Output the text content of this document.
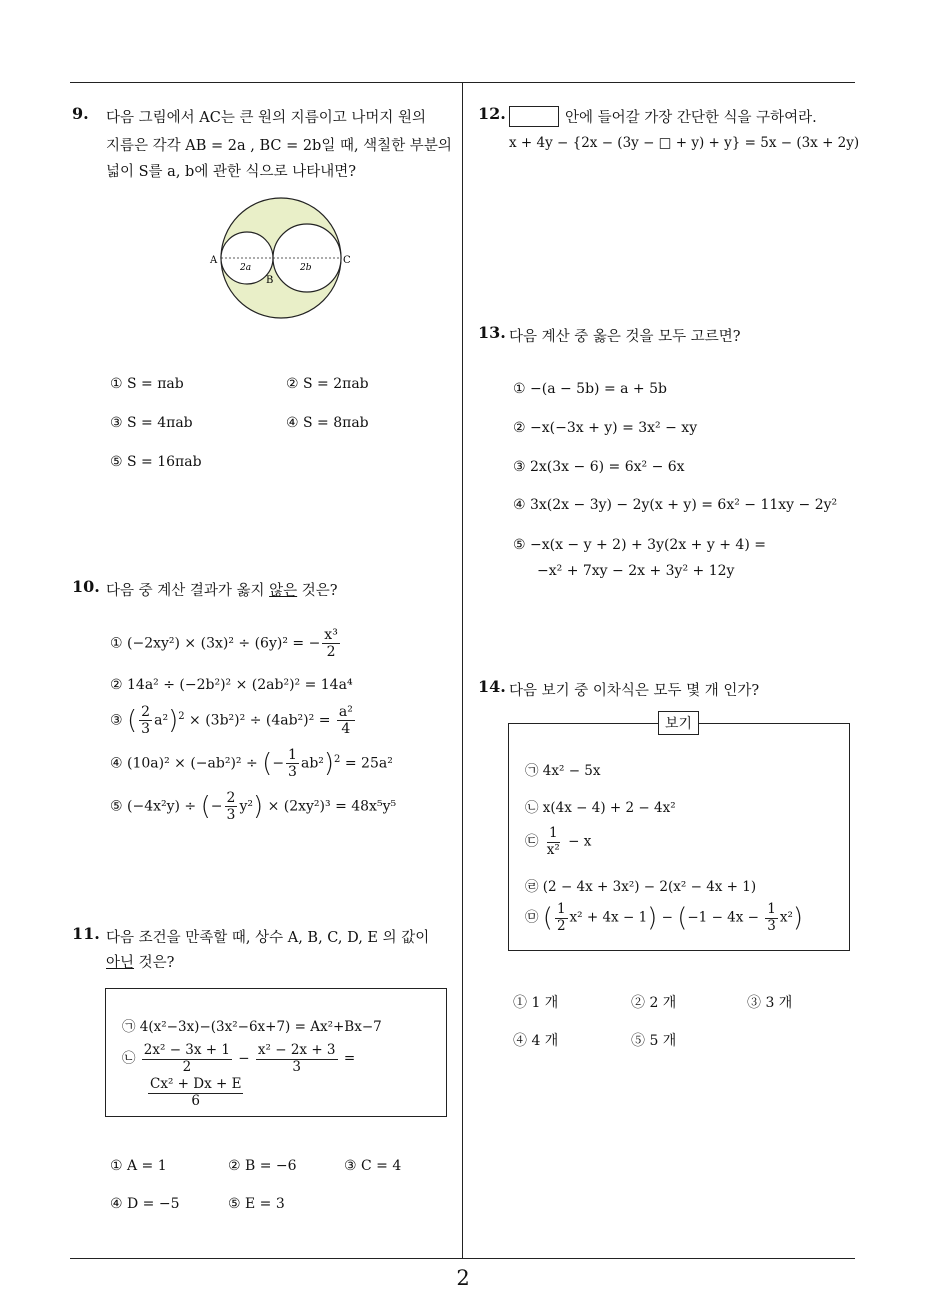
9. 다음 그림에서 AC는 큰 원의 지름이고 나머지 원의
지름은 각각 AB = 2a , BC = 2b일 때, 색칠한 부분의
넓이 S를 a, b에 관한 식으로 나타내면?
A
B
C
2a	2b
① S = πab	② S = 2πab
③ S = 4πab	④ S = 8πab
⑤ S = 16πab
10. 다음 중 계산 결과가 옳지 않은 것은?
① (−2xy²) × (3x)² ÷ (6y)² = − $\frac{\text{x³}}{2}$
② 14a² ÷ (−2b²)² × (2ab²)² = 14a⁴
③ ( $\frac{2}{3} a^2)^2 \times (3b^2)^2 \div (4ab^2)^2 = \frac{\text{a²}}{4}$
④ (10a)² × (−ab²)² ÷ (− $\frac{1}{3} ab^2)^2 = 25a^2$
⑤ (−4x²y) ÷ (− $\frac{2}{3} y^2) \times (2xy^2)^3 = 48x^5y^5$
11. 다음 조건을 만족할 때, 상수 A, B, C, D, E 의 값이
아닌 것은?
㉠ 4(x²−3x)−(3x²−6x+7) = Ax²+Bx−7
㉡ $\frac{\text{2x² − 3x + 1}}{2} - \frac{\text{x² − 2x + 3}}{3}$ =
$\frac{\text{Cx² + Dx + E}}{6}$
① A = 1	② B = −6	③ C = 4
④ D = −5	⑤ E = 3
12.	안에 들어갈 가장 간단한 식을 구하여라.
x + 4y − {2x − (3y − □ + y) + y} = 5x − (3x + 2y)
13. 다음 계산 중 옳은 것을 모두 고르면?
① −(a − 5b) = a + 5b
② −x(−3x + y) = 3x² − xy
③ 2x(3x − 6) = 6x² − 6x
④ 3x(2x − 3y) − 2y(x + y) = 6x² − 11xy − 2y²
⑤ −x(x − y + 2) + 3y(2x + y + 4) =
−x² + 7xy − 2x + 3y² + 12y
14. 다음 보기 중 이차식은 모두 몇 개 인가?
㉠ 4x² − 5x
㉡ x(4x − 4) + 2 − 4x²
㉢ $\frac{1}{\text{x²}} - x$
㉣ (2 − 4x + 3x²) − 2(x² − 4x + 1)
㉤ ( $\frac{1}{2} x^2 + 4x - 1) - (-1 - 4x - \frac{1}{3} x^2)$
보기
① 1 개	② 2 개	③ 3 개
④ 4 개	⑤ 5 개
2
